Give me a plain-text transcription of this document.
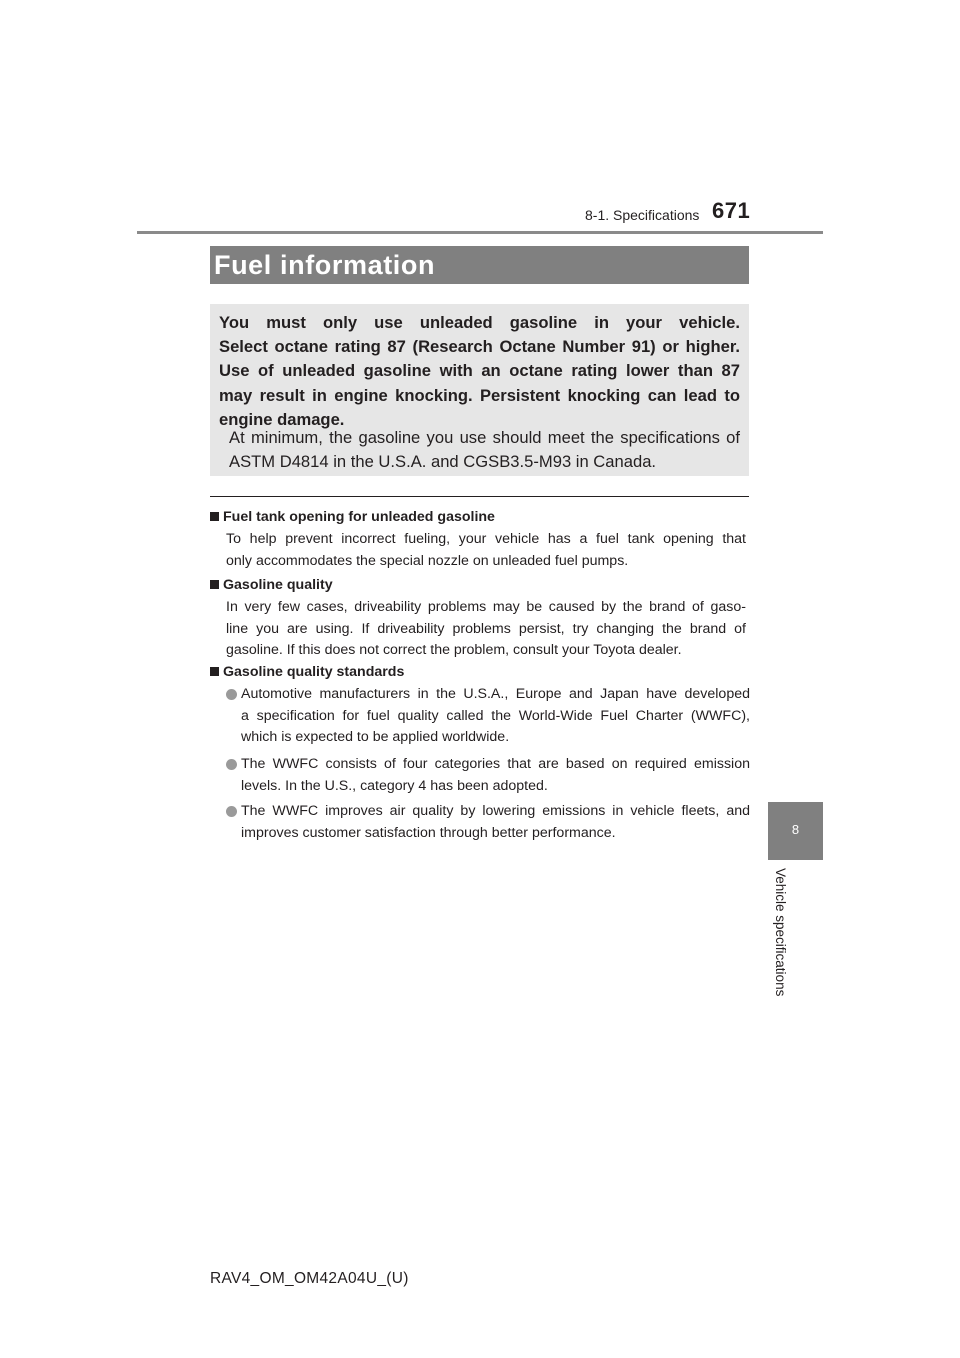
8-1. Specifications 671
Fuel information
You must only use unleaded gasoline in your vehicle.
Select octane rating 87 (Research Octane Number 91) or higher.
Use of unleaded gasoline with an octane rating lower than 87
may result in engine knocking. Persistent knocking can lead to
engine damage.
At minimum, the gasoline you use should meet the specifications of
ASTM D4814 in the U.S.A. and CGSB3.5-M93 in Canada.
Fuel tank opening for unleaded gasoline
To help prevent incorrect fueling, your vehicle has a fuel tank opening that
only accommodates the special nozzle on unleaded fuel pumps.
Gasoline quality
In very few cases, driveability problems may be caused by the brand of gaso-
line you are using. If driveability problems persist, try changing the brand of
gasoline. If this does not correct the problem, consult your Toyota dealer.
Gasoline quality standards
Automotive manufacturers in the U.S.A., Europe and Japan have developed
a specification for fuel quality called the World-Wide Fuel Charter (WWFC),
which is expected to be applied worldwide.
The WWFC consists of four categories that are based on required emission
levels. In the U.S., category 4 has been adopted.
The WWFC improves air quality by lowering emissions in vehicle fleets, and
improves customer satisfaction through better performance.	8
Vehicle specifications
RAV4_OM_OM42A04U_(U)
